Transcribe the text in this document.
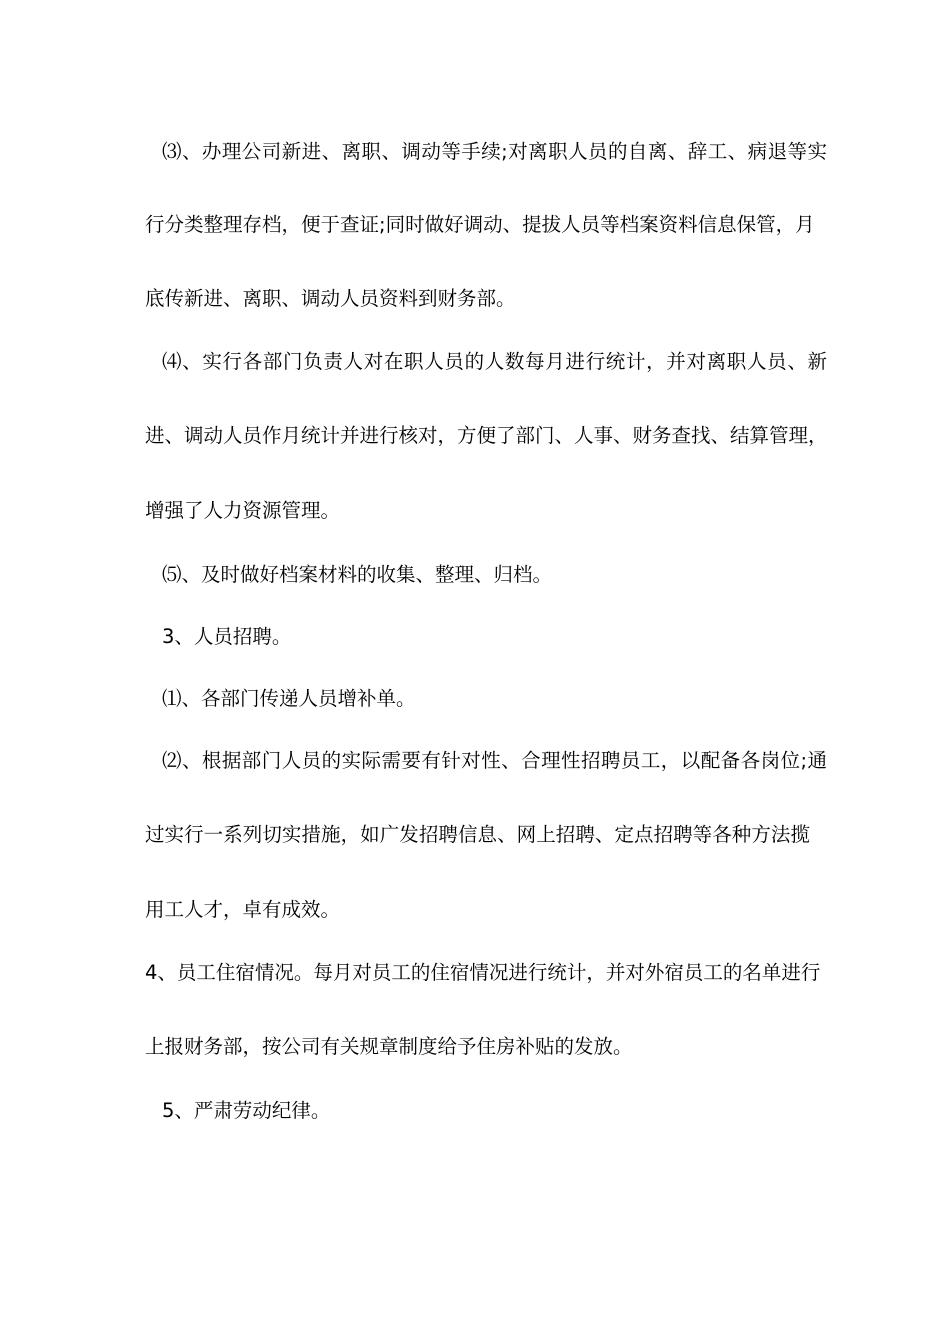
⑶、办理公司新进、离职、调动等手续;对离职人员的自离、辞工、病退等实
行分类整理存档，便于查证;同时做好调动、提拔人员等档案资料信息保管，月
底传新进、离职、调动人员资料到财务部。
⑷、实行各部门负责人对在职人员的人数每月进行统计，并对离职人员、新
进、调动人员作月统计并进行核对，方便了部门、人事、财务查找、结算管理，
增强了人力资源管理。
⑸、及时做好档案材料的收集、整理、归档。
3、人员招聘。
⑴、各部门传递人员增补单。
⑵、根据部门人员的实际需要有针对性、合理性招聘员工，以配备各岗位;通
过实行一系列切实措施，如广发招聘信息、网上招聘、定点招聘等各种方法揽
用工人才，卓有成效。
4、员工住宿情况。每月对员工的住宿情况进行统计，并对外宿员工的名单进行
上报财务部，按公司有关规章制度给予住房补贴的发放。
5、严肃劳动纪律。
